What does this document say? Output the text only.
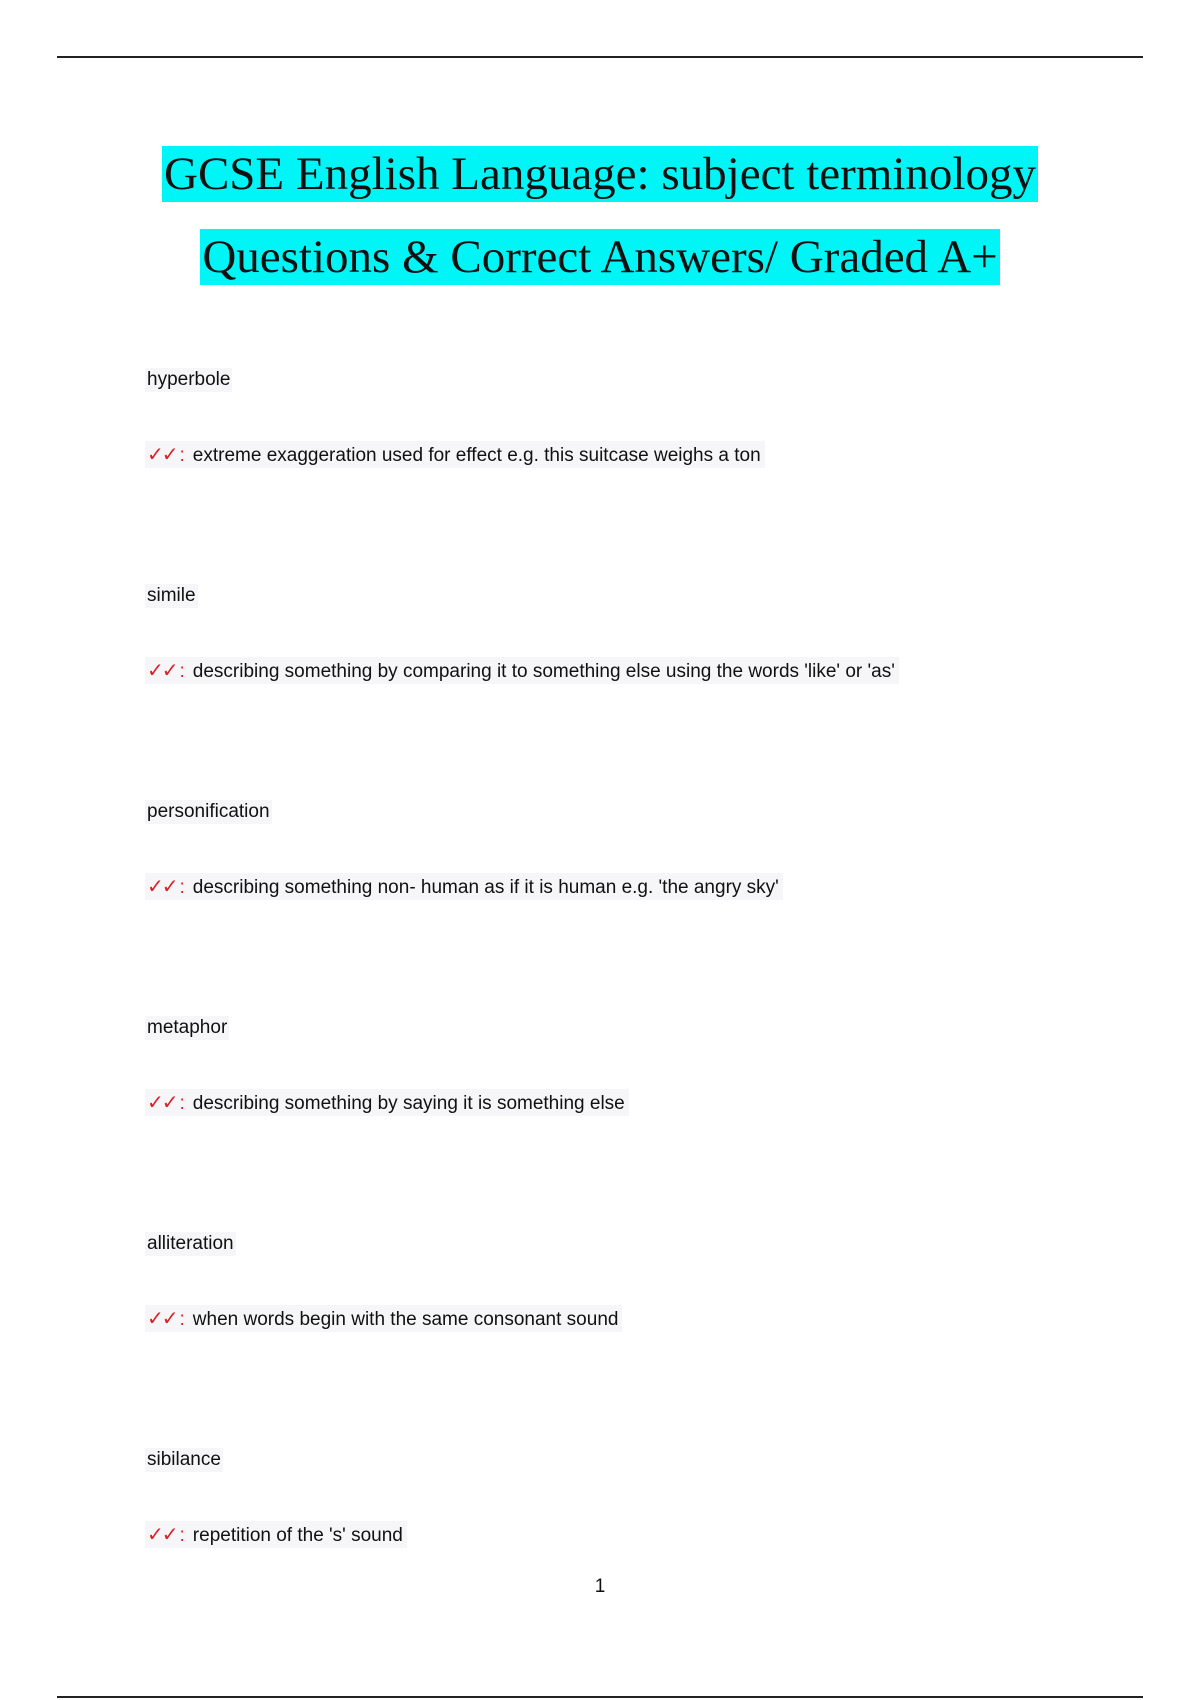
GCSE English Language: subject terminology
Questions & Correct Answers/ Graded A+
hyperbole
✓✓ : extreme exaggeration used for effect e.g. this suitcase weighs a ton
simile
✓✓ : describing something by comparing it to something else using the words 'like' or 'as'
personification
✓✓ : describing something non- human as if it is human e.g. 'the angry sky'
metaphor
✓✓ : describing something by saying it is something else
alliteration
✓✓ : when words begin with the same consonant sound
sibilance
✓✓ : repetition of the 's' sound
1
